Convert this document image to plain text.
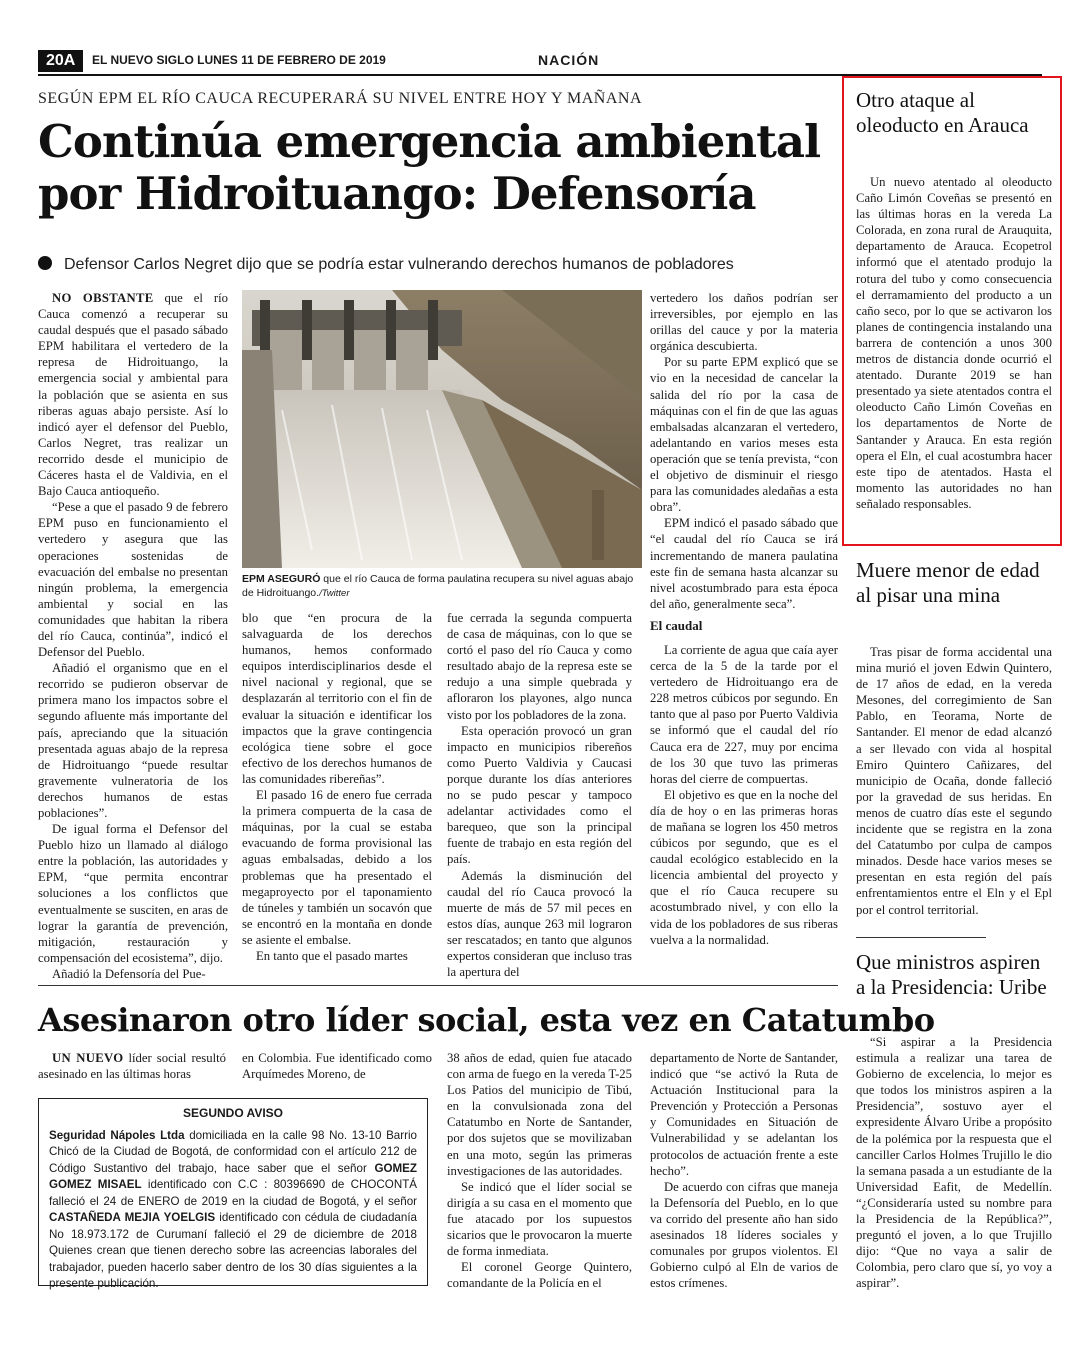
20A	EL NUEVO SIGLO LUNES 11 DE FEBRERO DE 2019	NACIÓN
SEGÚN EPM EL RÍO CAUCA RECUPERARÁ SU NIVEL ENTRE HOY Y MAÑANA
Continúa emergencia ambiental por Hidroituango: Defensoría
Defensor Carlos Negret dijo que se podría estar vulnerando derechos humanos de pobladores

NO OBSTANTE que el río Cauca comenzó a recuperar su caudal después que el pasado sábado EPM habilitara el vertedero de la represa de Hidroituango, la emergencia social y ambiental para la población que se asienta en sus riberas aguas abajo persiste. Así lo indicó ayer el defensor del Pueblo, Carlos Negret, tras realizar un recorrido desde el municipio de Cáceres hasta el de Valdivia, en el Bajo Cauca antioqueño.

“Pese a que el pasado 9 de febrero EPM puso en funcionamiento el vertedero y asegura que las operaciones sostenidas de evacuación del embalse no presentan ningún problema, la emergencia ambiental y social en las comunidades que habitan la ribera del río Cauca, continúa”, indicó el Defensor del Pueblo.

Añadió el organismo que en el recorrido se pudieron observar de primera mano los impactos sobre el segundo afluente más importante del país, apreciando que la situación presentada aguas abajo de la represa de Hidroituango “puede resultar gravemente vulneratoria de los derechos humanos de estas poblaciones”.

De igual forma el Defensor del Pueblo hizo un llamado al diálogo entre la población, las autoridades y EPM, “que permita encontrar soluciones a los conflictos que eventualmente se susciten, en aras de lograr la garantía de prevención, mitigación, restauración y compensación del ecosistema”, dijo.

Añadió la Defensoría del Pue-

EPM ASEGURÓ que el río Cauca de forma paulatina recupera su nivel aguas abajo de Hidroituango./Twitter

blo que “en procura de la salvaguarda de los derechos humanos, hemos conformado equipos interdisciplinarios desde el nivel nacional y regional, que se desplazarán al territorio con el fin de evaluar la situación e identificar los impactos que la grave contingencia ecológica tiene sobre el goce efectivo de los derechos humanos de las comunidades ribereñas”.

El pasado 16 de enero fue cerrada la primera compuerta de la casa de máquinas, por la cual se estaba evacuando de forma provisional las aguas embalsadas, debido a los problemas que ha presentado el megaproyecto por el taponamiento de túneles y también un socavón que se encontró en la montaña en donde se asiente el embalse.

En tanto que el pasado martes

fue cerrada la segunda compuerta de casa de máquinas, con lo que se cortó el paso del río Cauca y como resultado abajo de la represa este se redujo a una simple quebrada y afloraron los playones, algo nunca visto por los pobladores de la zona.

Esta operación provocó un gran impacto en municipios ribereños como Puerto Valdivia y Caucasi porque durante los días anteriores no se pudo pescar y tampoco adelantar actividades como el barequeo, que son la principal fuente de trabajo en esta región del país.

Además la disminución del caudal del río Cauca provocó la muerte de más de 57 mil peces en estos días, aunque 263 mil lograron ser rescatados; en tanto que algunos expertos consideran que incluso tras la apertura del

vertedero los daños podrían ser irreversibles, por ejemplo en las orillas del cauce y por la materia orgánica descubierta.

Por su parte EPM explicó que se vio en la necesidad de cancelar la salida del río por la casa de máquinas con el fin de que las aguas embalsadas alcanzaran el vertedero, adelantando en varios meses esta operación que se tenía prevista, “con el objetivo de disminuir el riesgo para las comunidades aledañas a esta obra”.

EPM indicó el pasado sábado que “el caudal del río Cauca se irá incrementando de manera paulatina este fin de semana hasta alcanzar su nivel acostumbrado para esta época del año, generalmente seca”.

El caudal

La corriente de agua que caía ayer cerca de la 5 de la tarde por el vertedero de Hidroituango era de 228 metros cúbicos por segundo. En tanto que al paso por Puerto Valdivia se informó que el caudal del río Cauca era de 227, muy por encima de los 30 que tuvo las primeras horas del cierre de compuertas.

El objetivo es que en la noche del día de hoy o en las primeras horas de mañana se logren los 450 metros cúbicos por segundo, que es el caudal ecológico establecido en la licencia ambiental del proyecto y que el río Cauca recupere su acostumbrado nivel, y con ello la vida de los pobladores de sus riberas vuelva a la normalidad.

Asesinaron otro líder social, esta vez en Catatumbo

UN NUEVO líder social resultó asesinado en las últimas horas

en Colombia. Fue identificado como Arquímedes Moreno, de

38 años de edad, quien fue atacado con arma de fuego en la vereda T-25 Los Patios del municipio de Tibú, en la convulsionada zona del Catatumbo en Norte de Santander, por dos sujetos que se movilizaban en una moto, según las primeras investigaciones de las autoridades.

Se indicó que el líder social se dirigía a su casa en el momento que fue atacado por los supuestos sicarios que le provocaron la muerte de forma inmediata.

El coronel George Quintero, comandante de la Policía en el

departamento de Norte de Santander, indicó que “se activó la Ruta de Actuación Institucional para la Prevención y Protección a Personas y Comunidades en Situación de Vulnerabilidad y se adelantan los protocolos de actuación frente a este hecho”.

De acuerdo con cifras que maneja la Defensoría del Pueblo, en lo que va corrido del presente año han sido asesinados 18 líderes sociales y comunales por grupos violentos. El Gobierno culpó al Eln de varios de estos crímenes.

SEGUNDO AVISO
Seguridad Nápoles Ltda domiciliada en la calle 98 No. 13-10 Barrio Chicó de la Ciudad de Bogotá, de conformidad con el artículo 212 de Código Sustantivo del trabajo, hace saber que el señor GOMEZ GOMEZ MISAEL identificado con C.C : 80396690 de CHOCONTÁ falleció el 24 de ENERO de 2019 en la ciudad de Bogotá, y el señor CASTAÑEDA MEJIA YOELGIS identificado con cédula de ciudadanía No 18.973.172 de Curumaní falleció el 29 de diciembre de 2018 Quienes crean que tienen derecho sobre las acreencias laborales del trabajador, pueden hacerlo saber dentro de los 30 días siguientes a la presente publicación.
Otro ataque al oleoducto en Arauca

Un nuevo atentado al oleoducto Caño Limón Coveñas se presentó en las últimas horas en la vereda La Colorada, en zona rural de Arauquita, departamento de Arauca. Ecopetrol informó que el atentado produjo la rotura del tubo y como consecuencia el derramamiento del producto a un caño seco, por lo que se activaron los planes de contingencia instalando una barrera de contención a unos 300 metros de distancia donde ocurrió el atentado. Durante 2019 se han presentado ya siete atentados contra el oleoducto Caño Limón Coveñas en los departamentos de Norte de Santander y Arauca. En esta región opera el Eln, el cual acostumbra hacer este tipo de atentados. Hasta el momento las autoridades no han señalado responsables.

Muere menor de edad al pisar una mina

Tras pisar de forma accidental una mina murió el joven Edwin Quintero, de 17 años de edad, en la vereda Mesones, del corregimiento de San Pablo, en Teorama, Norte de Santander. El menor de edad alcanzó a ser llevado con vida al hospital Emiro Quintero Cañizares, del municipio de Ocaña, donde falleció por la gravedad de sus heridas. En menos de cuatro días este el segundo incidente que se registra en la zona del Catatumbo por culpa de campos minados. Desde hace varios meses se presentan en esta región del país enfrentamientos entre el Eln y el Epl por el control territorial.

Que ministros aspiren a la Presidencia: Uribe

“Si aspirar a la Presidencia estimula a realizar una tarea de Gobierno de excelencia, lo mejor es que todos los ministros aspiren a la Presidencia”, sostuvo ayer el expresidente Álvaro Uribe a propósito de la polémica por la respuesta que el canciller Carlos Holmes Trujillo le dio la semana pasada a un estudiante de la Universidad Eafit, de Medellín. “¿Consideraría usted su nombre para la Presidencia de la República?”, preguntó el joven, a lo que Trujillo dijo: “Que no vaya a salir de Colombia, pero claro que sí, yo voy a aspirar”.
